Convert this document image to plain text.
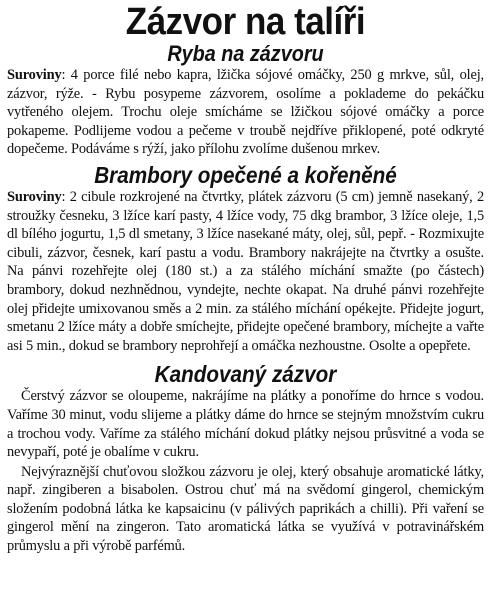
Zázvor na talíři
Ryba na zázvoru

Suroviny: 4 porce filé nebo kapra, lžička sójové omáčky, 250 g mrkve, sůl, olej, zázvor, rýže. - Rybu posypeme zázvorem, osolíme a poklademe do pekáčku vytřeného olejem. Trochu oleje smícháme se lžičkou sójové omáčky a porce pokapeme. Podlijeme vodou a pečeme v troubě nejdříve přiklopené, poté odkryté dopečeme. Podáváme s rýží, jako přílohu zvolíme dušenou mrkev.

Brambory opečené a kořeněné

Suroviny: 2 cibule rozkrojené na čtvrtky, plátek zázvoru (5 cm) jemně nasekaný, 2 stroužky česneku, 3 lžíce karí pasty, 4 lžíce vody, 75 dkg brambor, 3 lžíce oleje, 1,5 dl bílého jogurtu, 1,5 dl smetany, 3 lžíce nasekané máty, olej, sůl, pepř. - Rozmixujte cibuli, zázvor, česnek, karí pastu a vodu. Brambory nakrájejte na čtvrtky a osušte. Na pánvi rozehřejte olej (180 st.) a za stálého míchání smažte (po částech) brambory, dokud nezhnědnou, vyndejte, nechte okapat. Na druhé pánvi rozehřejte olej přidejte umixovanou směs a 2 min. za stálého míchání opékejte. Přidejte jogurt, smetanu 2 lžíce máty a dobře smíchejte, přidejte opečené brambory, míchejte a vařte asi 5 min., dokud se brambory neprohřejí a omáčka nezhoustne. Osolte a opepřete.

Kandovaný zázvor

Čerstvý zázvor se oloupeme, nakrájíme na plátky a ponoříme do hrnce s vodou. Vaříme 30 minut, vodu slijeme a plátky dáme do hrnce se stejným množstvím cukru a trochou vody. Vaříme za stálého míchání dokud plátky nejsou průsvitné a voda se nevypaří, poté je obalíme v cukru.

Nejvýraznější chuťovou složkou zázvoru je olej, který obsahuje aromatické látky, např. zingiberen a bisabolen. Ostrou chuť má na svědomí gingerol, chemickým složením podobná látka ke kapsaicinu (v pálivých paprikách a chilli). Při vaření se gingerol mění na zingeron. Tato aromatická látka se využívá v potravinářském průmyslu a při výrobě parfémů.
